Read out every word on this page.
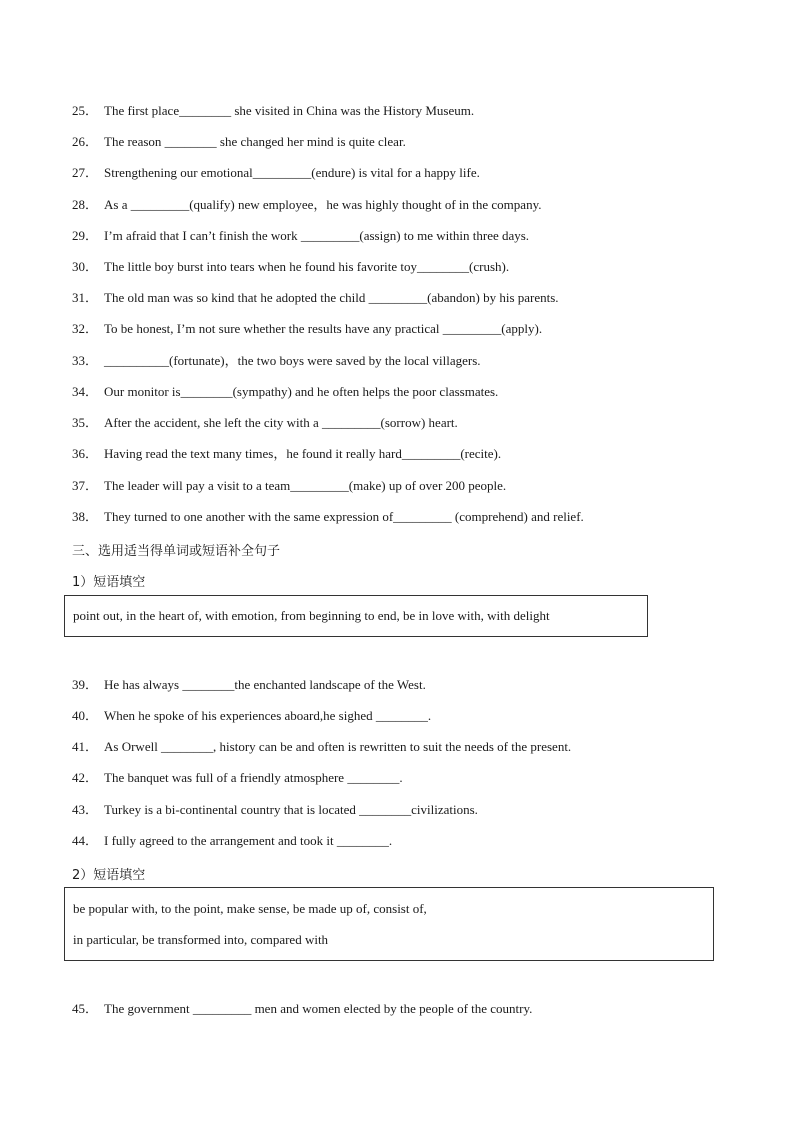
25． The first place________ she visited in China was the History Museum.
26． The reason ________ she changed her mind is quite clear.
27． Strengthening our emotional_________(endure) is vital for a happy life.
28． As a _________(qualify) new employee，he was highly thought of in the company.
29． I’m afraid that I can’t finish the work _________(assign) to me within three days.
30． The little boy burst into tears when he found his favorite toy________(crush).
31． The old man was so kind that he adopted the child _________(abandon) by his parents.
32． To be honest, I’m not sure whether the results have any practical _________(apply).
33． __________(fortunate)，the two boys were saved by the local villagers.
34． Our monitor is________(sympathy) and he often helps the poor classmates.
35． After the accident, she left the city with a _________(sorrow) heart.
36． Having read the text many times，he found it really hard_________(recite).
37． The leader will pay a visit to a team_________(make) up of over 200 people.
38． They turned to one another with the same expression of_________ (comprehend) and relief.
三、选用适当得单词或短语补全句子
1）短语填空
point out, in the heart of, with emotion, from beginning to end, be in love with, with delight
39． He has always ________the enchanted landscape of the West.
40． When he spoke of his experiences aboard,he sighed ________.
41． As Orwell ________, history can be and often is rewritten to suit the needs of the present.
42． The banquet was full of a friendly atmosphere ________.
43． Turkey is a bi-continental country that is located ________civilizations.
44． I fully agreed to the arrangement and took it ________.
2）短语填空
be popular with, to the point, make sense, be made up of, consist of,
in particular, be transformed into, compared with
45． The government _________ men and women elected by the people of the country.
